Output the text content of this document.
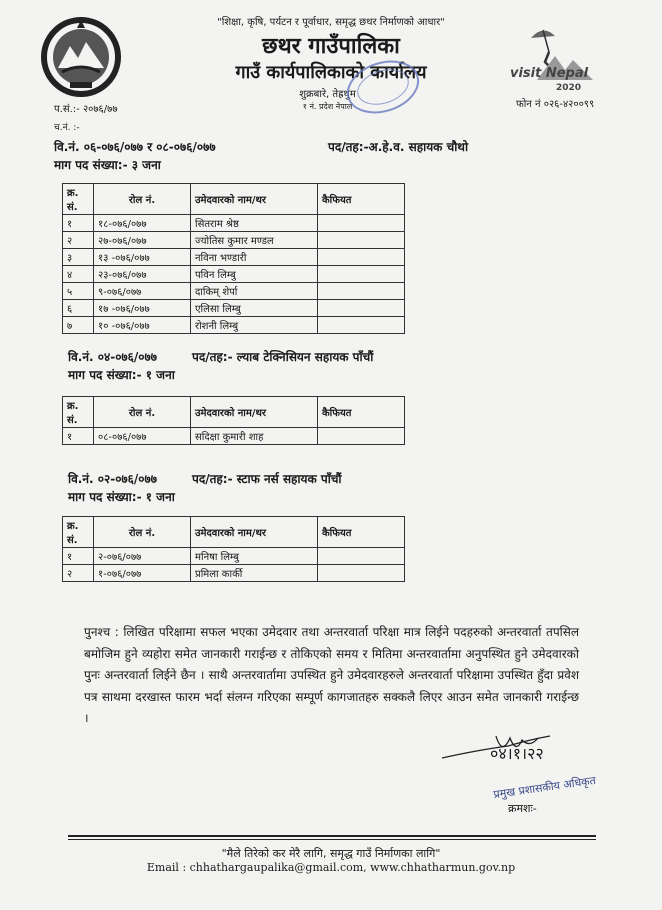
"शिक्षा, कृषि, पर्यटन र पूर्वाधार, समृद्ध छथर निर्माणको आधार"
छथर गाउँपालिका
गाउँ कार्यपालिकाको कार्यालय
शुक्रबारे, तेह्रथुम
१ नं. प्रदेश नेपाल
प.सं.:- २०७६/७७
च.नं. :-
visit Nepal
2020
फोन नं ०२६-४२००९९
वि.नं. ०६-०७६/०७७ र ०८-०७६/०७७	पद/तह:-अ.हे.व. सहायक चौथो
माग पद संख्या:- ३ जना
क्र. सं.	रोल नं.	उमेदवारको नाम/थर	कैफियत
१	१८-०७६/०७७	सितराम श्रेष्ठ	
२	२७-०७६/०७७	ज्योतिस कुमार मण्डल	
३	१३ -०७६/०७७	नविना भण्डारी	
४	२३-०७६/०७७	पविन लिम्बु	
५	९-०७६/०७७	दाकिम् शेर्पा	
६	१७ -०७६/०७७	एलिसा लिम्बु	
७	१० -०७६/०७७	रोशनी लिम्बु	
वि.नं. ०४-०७६/०७७	पद/तह:- ल्याब टेक्निसियन सहायक पाँचौं
माग पद संख्या:- १ जना
क्र. सं.	रोल नं.	उमेदवारको नाम/थर	कैफियत
१	०८-०७६/०७७	सदिक्षा कुमारी शाह	
वि.नं. ०२-०७६/०७७	पद/तह:- स्टाफ नर्स सहायक पाँचौं
माग पद संख्या:- १ जना
क्र. सं.	रोल नं.	उमेदवारको नाम/थर	कैफियत
१	२-०७६/०७७	मनिषा लिम्बु	
२	१-०७६/०७७	प्रमिला कार्की	
पुनश्च : लिखित परिक्षामा सफल भएका उमेदवार तथा अन्तरवार्ता परिक्षा मात्र लिईने पदहरुको अन्तरवार्ता तपसिल बमोजिम हुने व्यहोरा समेत जानकारी गराईन्छ र तोकिएको समय र मितिमा अन्तरवार्तामा अनुपस्थित हुने उमेदवारको पुनः अन्तरवार्ता लिईने छैन । साथै अन्तरवार्तामा उपस्थित हुने उमेदवारहरुले अन्तरवार्ता परिक्षामा उपस्थित हुँदा प्रवेश पत्र साथमा दरखास्त फारम भर्दा संलग्न गरिएका सम्पूर्ण कागजातहरु सक्कलै लिएर आउन समेत जानकारी गराईन्छ ।
०४।१।२२
प्रमुख प्रशासकीय अधिकृत
क्रमशः-
"मैले तिरेको कर मेरै लागि, समृद्ध गाउँ निर्माणका लागि"
Email : chhathargaupalika@gmail.com, www.chhatharmun.gov.np
